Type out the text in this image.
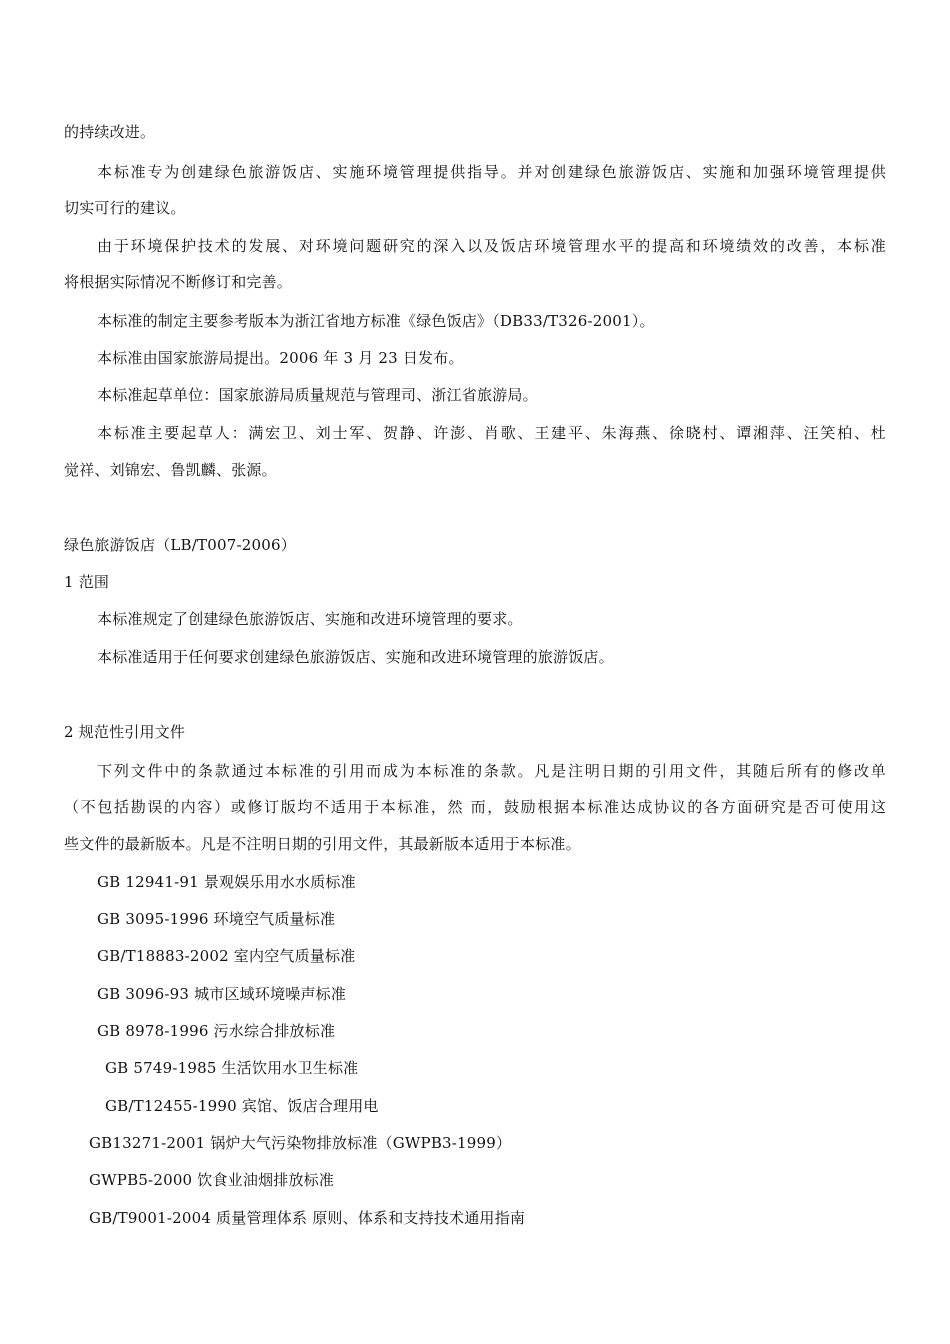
的持续改进。
本标准专为创建绿色旅游饭店、实施环境管理提供指导。并对创建绿色旅游饭店、实施和加强环境管理提供
切实可行的建议。
由于环境保护技术的发展、对环境问题研究的深入以及饭店环境管理水平的提高和环境绩效的改善，本标准
将根据实际情况不断修订和完善。
本标准的制定主要参考版本为浙江省地方标准《绿色饭店》（DB33/T326-2001）。
本标准由国家旅游局提出。2006 年 3 月 23 日发布。
本标准起草单位：国家旅游局质量规范与管理司、浙江省旅游局。
本标准主要起草人：满宏卫、刘士军、贺静、许澎、肖歌、王建平、朱海燕、徐晓村、谭湘萍、汪笑柏、杜
觉祥、刘锦宏、鲁凯麟、张源。
绿色旅游饭店（LB/T007-2006）
1 范围
本标准规定了创建绿色旅游饭店、实施和改进环境管理的要求。
本标准适用于任何要求创建绿色旅游饭店、实施和改进环境管理的旅游饭店。
2 规范性引用文件
下列文件中的条款通过本标准的引用而成为本标准的条款。凡是注明日期的引用文件，其随后所有的修改单
（不包括勘误的内容）或修订版均不适用于本标准，然 而，鼓励根据本标准达成协议的各方面研究是否可使用这
些文件的最新版本。凡是不注明日期的引用文件，其最新版本适用于本标准。
GB 12941-91 景观娱乐用水水质标准
GB 3095-1996 环境空气质量标准
GB/T18883-2002 室内空气质量标准
GB 3096-93 城市区域环境噪声标准
GB 8978-1996 污水综合排放标准
GB 5749-1985 生活饮用水卫生标准
GB/T12455-1990 宾馆、饭店合理用电
GB13271-2001 锅炉大气污染物排放标准（GWPB3-1999）
GWPB5-2000 饮食业油烟排放标准
GB/T9001-2004 质量管理体系 原则、体系和支持技术通用指南
